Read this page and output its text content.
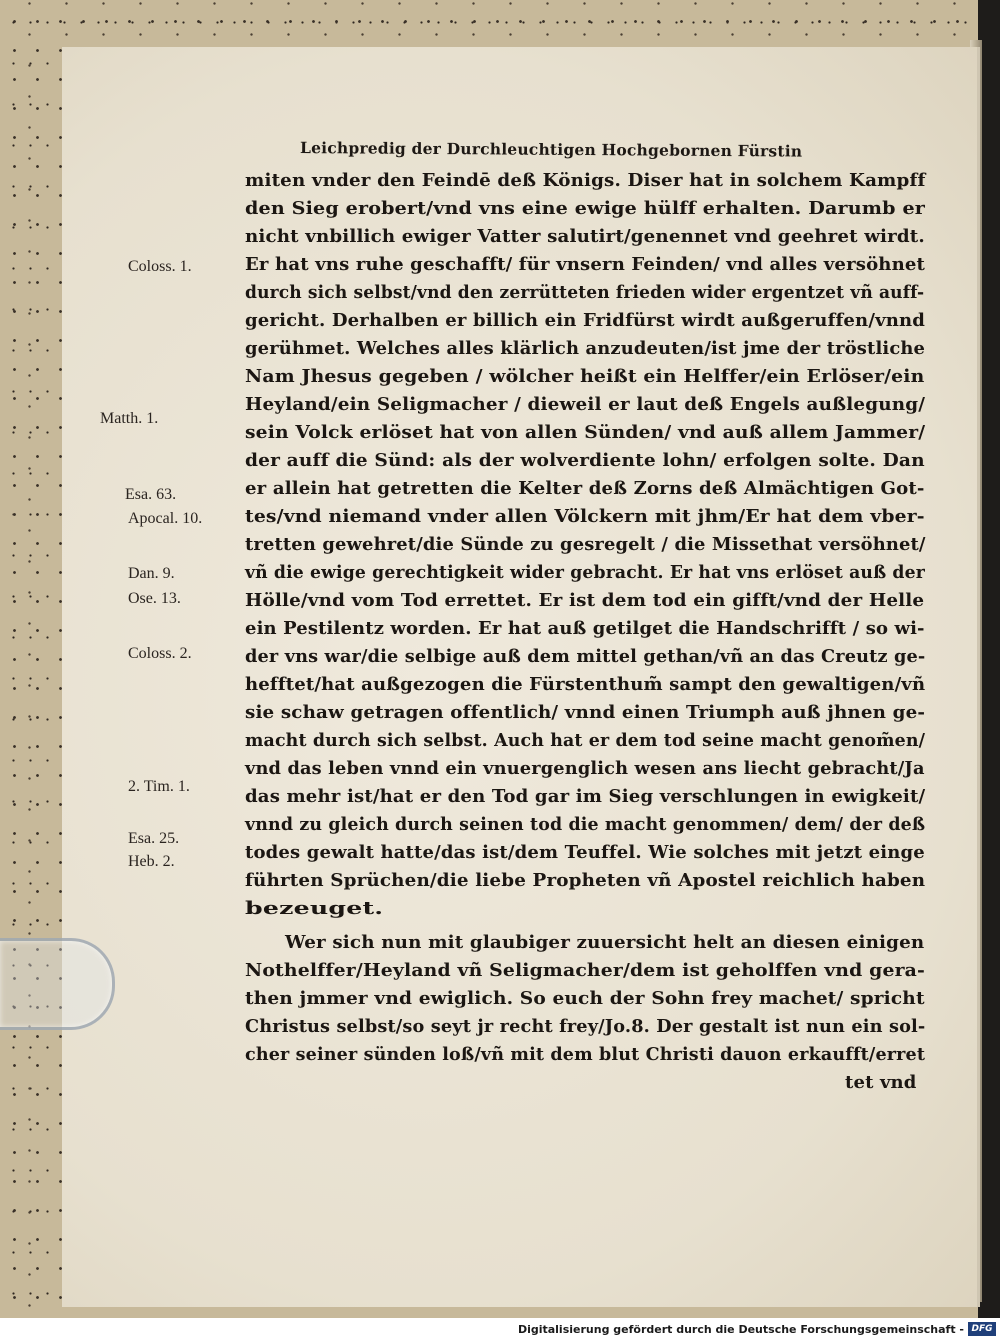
Leichpredig der Durchleuchtigen Hochgebornen Fürstin
miten vnder den Feindē deß Königs. Diser hat in solchem Kampff
den Sieg erobert/vnd vns eine ewige hülff erhalten. Darumb er
nicht vnbillich ewiger Vatter salutirt/genennet vnd geehret wirdt.
Er hat vns ruhe geschafft/ für vnsern Feinden/ vnd alles versöhnet
durch sich selbst/vnd den zerrütteten frieden wider ergentzet vñ auff-
gericht. Derhalben er billich ein Fridfürst wirdt außgeruffen/vnnd
gerühmet. Welches alles klärlich anzudeuten/ist jme der tröstliche
Nam Jhesus gegeben / wölcher heißt ein Helffer/ein Erlöser/ein
Heyland/ein Seligmacher / dieweil er laut deß Engels außlegung/
sein Volck erlöset hat von allen Sünden/ vnd auß allem Jammer/
der auff die Sünd: als der wolverdiente lohn/ erfolgen solte. Dan
er allein hat getretten die Kelter deß Zorns deß Almächtigen Got-
tes/vnd niemand vnder allen Völckern mit jhm/Er hat dem vber-
tretten gewehret/die Sünde zu gesregelt / die Missethat versöhnet/
vñ die ewige gerechtigkeit wider gebracht. Er hat vns erlöset auß der
Hölle/vnd vom Tod errettet. Er ist dem tod ein gifft/vnd der Helle
ein Pestilentz worden. Er hat auß getilget die Handschrifft / so wi-
der vns war/die selbige auß dem mittel gethan/vñ an das Creutz ge-
hefftet/hat außgezogen die Fürstenthum̃ sampt den gewaltigen/vñ
sie schaw getragen offentlich/ vnnd einen Triumph auß jhnen ge-
macht durch sich selbst. Auch hat er dem tod seine macht genom̃en/
vnd das leben vnnd ein vnuergenglich wesen ans liecht gebracht/Ja
das mehr ist/hat er den Tod gar im Sieg verschlungen in ewigkeit/
vnnd zu gleich durch seinen tod die macht genommen/ dem/ der deß
todes gewalt hatte/das ist/dem Teuffel. Wie solches mit jetzt einge
führten Sprüchen/die liebe Propheten vñ Apostel reichlich haben
bezeuget.
Wer sich nun mit glaubiger zuuersicht helt an diesen einigen
Nothelffer/Heyland vñ Seligmacher/dem ist geholffen vnd gera-
then jmmer vnd ewiglich. So euch der Sohn frey machet/ spricht
Christus selbst/so seyt jr recht frey/Jo.8. Der gestalt ist nun ein sol-
cher seiner sünden loß/vñ mit dem blut Christi dauon erkaufft/erret
tet vnd
Coloss. 1.
Matth. 1.
Esa. 63.
Apocal. 10.
Dan. 9.
Ose. 13.
Coloss. 2.
2. Tim. 1.
Esa. 25.
Heb. 2.
Digitalisierung gefördert durch die Deutsche Forschungsgemeinschaft - DFG
